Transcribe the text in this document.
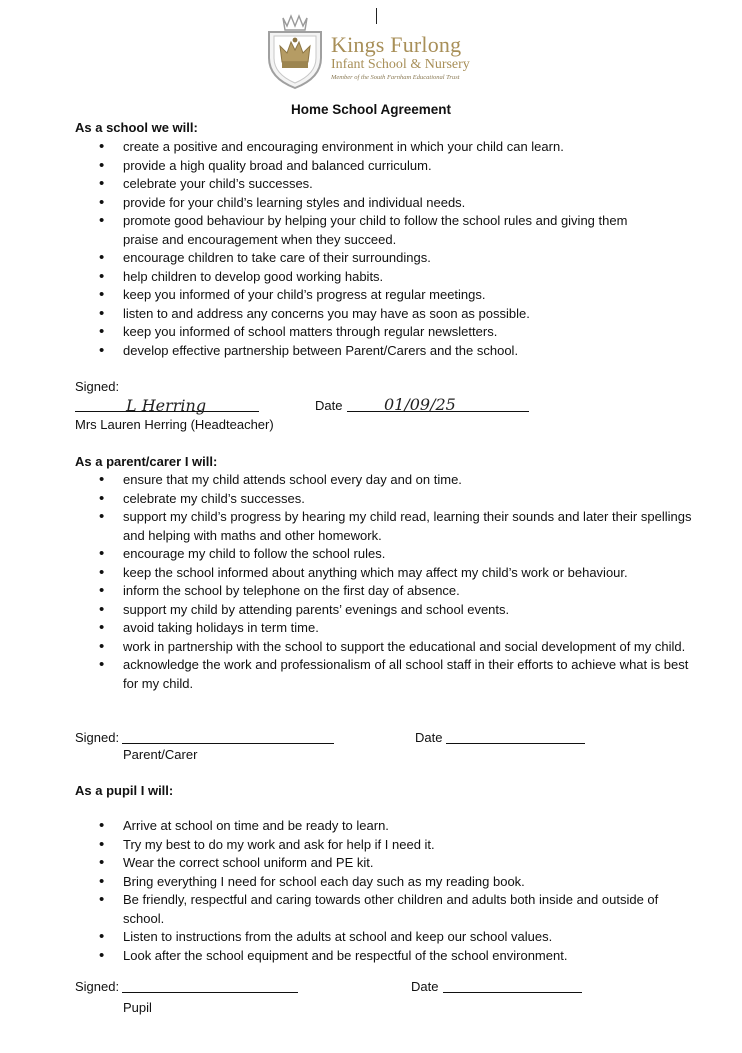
Kings Furlong
Infant School & Nursery
Member of the South Farnham Educational Trust
Home School Agreement
As a school we will:
• create a positive and encouraging environment in which your child can learn.
• provide a high quality broad and balanced curriculum.
• celebrate your child’s successes.
• provide for your child’s learning styles and individual needs.
• promote good behaviour by helping your child to follow the school rules and giving them praise and encouragement when they succeed.
• encourage children to take care of their surroundings.
• help children to develop good working habits.
• keep you informed of your child’s progress at regular meetings.
• listen to and address any concerns you may have as soon as possible.
• keep you informed of school matters through regular newsletters.
• develop effective partnership between Parent/Carers and the school.
Signed:
L Herring	Date	01/09/25
Mrs Lauren Herring (Headteacher)
As a parent/carer I will:
• ensure that my child attends school every day and on time.
• celebrate my child’s successes.
• support my child’s progress by hearing my child read, learning their sounds and later their spellings and helping with maths and other homework.
• encourage my child to follow the school rules.
• keep the school informed about anything which may affect my child’s work or behaviour.
• inform the school by telephone on the first day of absence.
• support my child by attending parents’ evenings and school events.
• avoid taking holidays in term time.
• work in partnership with the school to support the educational and social development of my child.
• acknowledge the work and professionalism of all school staff in their efforts to achieve what is best for my child.
Signed:	Date
Parent/Carer
As a pupil I will:
• Arrive at school on time and be ready to learn.
• Try my best to do my work and ask for help if I need it.
• Wear the correct school uniform and PE kit.
• Bring everything I need for school each day such as my reading book.
• Be friendly, respectful and caring towards other children and adults both inside and outside of school.
• Listen to instructions from the adults at school and keep our school values.
• Look after the school equipment and be respectful of the school environment.
Signed:	Date
Pupil
